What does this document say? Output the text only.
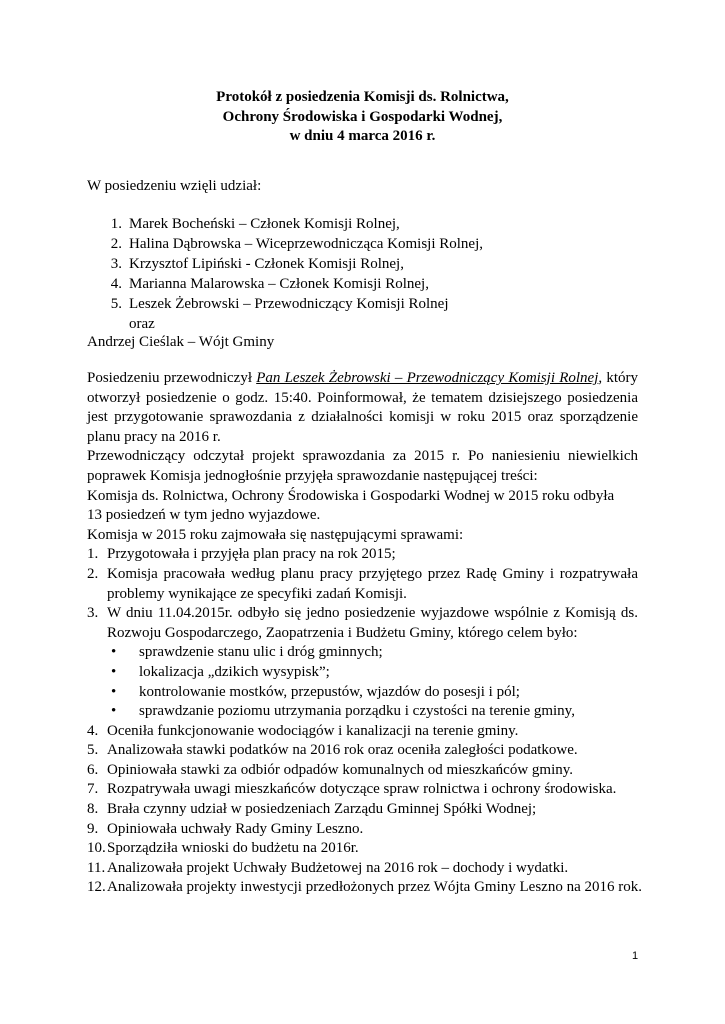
Protokół z posiedzenia Komisji ds. Rolnictwa,
Ochrony Środowiska i Gospodarki Wodnej,
w dniu 4 marca 2016 r.
W posiedzeniu wzięli udział:
1. Marek Bocheński – Członek Komisji Rolnej,
2. Halina Dąbrowska – Wiceprzewodnicząca Komisji Rolnej,
3. Krzysztof Lipiński - Członek Komisji Rolnej,
4. Marianna Malarowska – Członek Komisji Rolnej,
5. Leszek Żebrowski – Przewodniczący Komisji Rolnej
oraz
Andrzej Cieślak – Wójt Gminy
Posiedzeniu przewodniczył Pan Leszek Żebrowski – Przewodniczący Komisji Rolnej, który otworzył posiedzenie o godz. 15:40. Poinformował, że tematem dzisiejszego posiedzenia jest przygotowanie sprawozdania z działalności komisji w roku 2015 oraz sporządzenie planu pracy na 2016 r.
Przewodniczący odczytał projekt sprawozdania za 2015 r. Po naniesieniu niewielkich poprawek Komisja jednogłośnie przyjęła sprawozdanie następującej treści:
Komisja ds. Rolnictwa, Ochrony Środowiska i Gospodarki Wodnej w 2015 roku odbyła
13 posiedzeń w tym jedno wyjazdowe.
Komisja w 2015 roku zajmowała się następującymi sprawami:
1. Przygotowała i przyjęła plan pracy na rok 2015;
2. Komisja pracowała według planu pracy przyjętego przez Radę Gminy i rozpatrywała problemy wynikające ze specyfiki zadań Komisji.
3. W dniu 11.04.2015r. odbyło się jedno posiedzenie wyjazdowe wspólnie z Komisją ds. Rozwoju Gospodarczego, Zaopatrzenia i Budżetu Gminy, którego celem było:
• sprawdzenie stanu ulic i dróg gminnych;
• lokalizacja „dzikich wysypisk”;
• kontrolowanie mostków, przepustów, wjazdów do posesji i pól;
• sprawdzanie poziomu utrzymania porządku i czystości na terenie gminy,
4. Oceniła funkcjonowanie wodociągów i kanalizacji na terenie gminy.
5. Analizowała stawki podatków na 2016 rok oraz oceniła zaległości podatkowe.
6. Opiniowała stawki za odbiór odpadów komunalnych od mieszkańców gminy.
7. Rozpatrywała uwagi mieszkańców dotyczące spraw rolnictwa i ochrony środowiska.
8. Brała czynny udział w posiedzeniach Zarządu Gminnej Spółki Wodnej;
9. Opiniowała uchwały Rady Gminy Leszno.
10. Sporządziła wnioski do budżetu na 2016r.
11. Analizowała projekt Uchwały Budżetowej na 2016 rok – dochody i wydatki.
12. Analizowała projekty inwestycji przedłożonych przez Wójta Gminy Leszno na 2016 rok.
1
